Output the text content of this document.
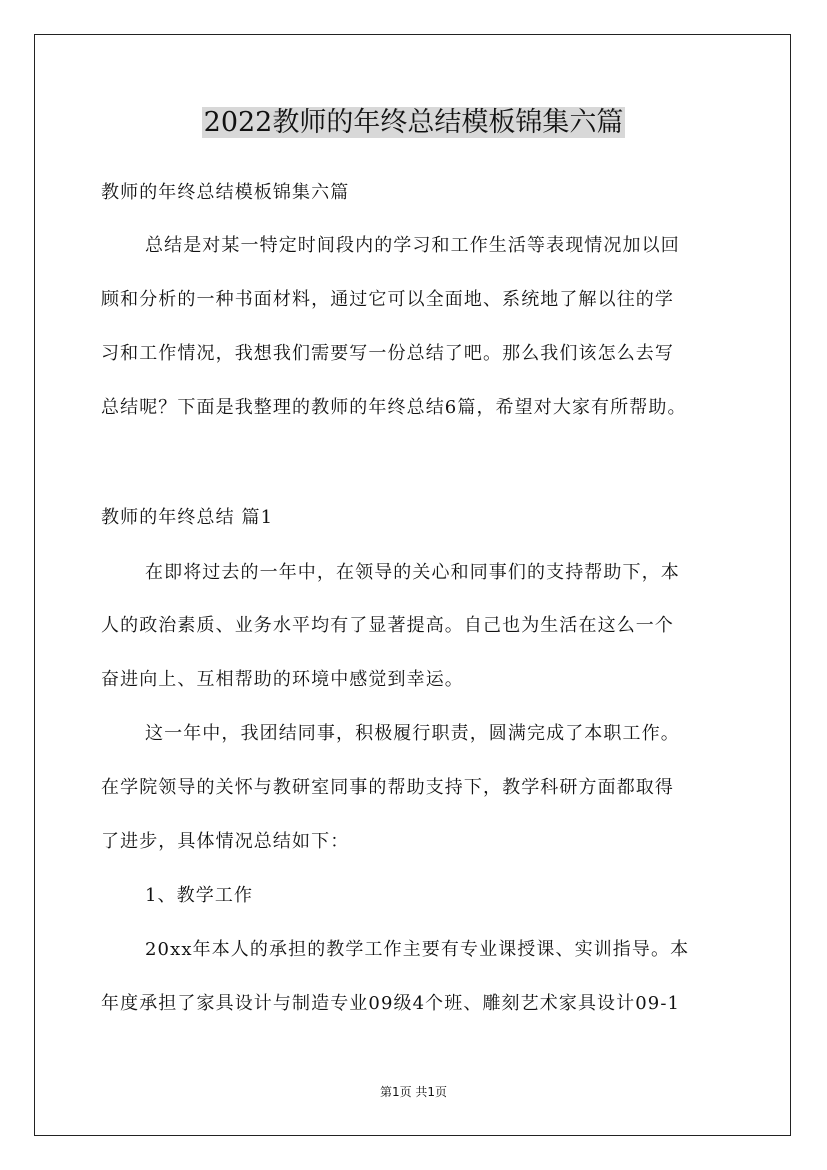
2022教师的年终总结模板锦集六篇
教师的年终总结模板锦集六篇
总结是对某一特定时间段内的学习和工作生活等表现情况加以回
顾和分析的一种书面材料，通过它可以全面地、系统地了解以往的学
习和工作情况，我想我们需要写一份总结了吧。那么我们该怎么去写
总结呢？下面是我整理的教师的年终总结6篇，希望对大家有所帮助。
教师的年终总结 篇1
在即将过去的一年中，在领导的关心和同事们的支持帮助下，本
人的政治素质、业务水平均有了显著提高。自己也为生活在这么一个
奋进向上、互相帮助的环境中感觉到幸运。
这一年中，我团结同事，积极履行职责，圆满完成了本职工作。
在学院领导的关怀与教研室同事的帮助支持下，教学科研方面都取得
了进步，具体情况总结如下：
1、教学工作
20xx年本人的承担的教学工作主要有专业课授课、实训指导。本
年度承担了家具设计与制造专业09级4个班、雕刻艺术家具设计09-1
第1页 共1页
